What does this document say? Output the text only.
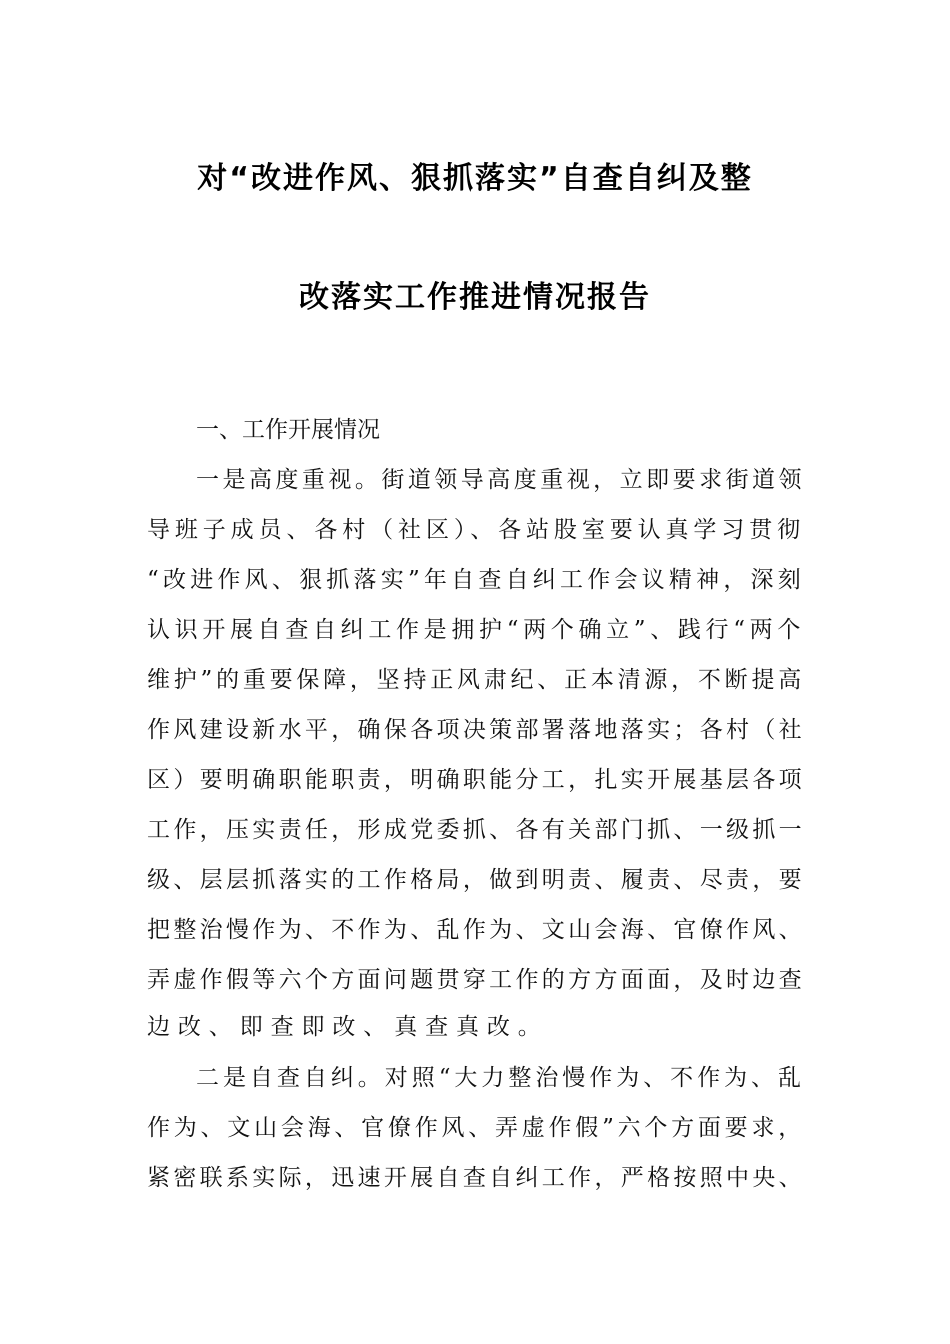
对“改进作风、狠抓落实”自查自纠及整
改落实工作推进情况报告
一、工作开展情况
一是高度重视。街道领导高度重视，立即要求街道领
导班子成员、各村（社区）、各站股室要认真学习贯彻
“改进作风、狠抓落实”年自查自纠工作会议精神，深刻
认识开展自查自纠工作是拥护“两个确立”、践行“两个
维护”的重要保障，坚持正风肃纪、正本清源，不断提高
作风建设新水平，确保各项决策部署落地落实；各村（社
区）要明确职能职责，明确职能分工，扎实开展基层各项
工作，压实责任，形成党委抓、各有关部门抓、一级抓一
级、层层抓落实的工作格局，做到明责、履责、尽责，要
把整治慢作为、不作为、乱作为、文山会海、官僚作风、
弄虚作假等六个方面问题贯穿工作的方方面面，及时边查
边改、即查即改、真查真改。
二是自查自纠。对照“大力整治慢作为、不作为、乱
作为、文山会海、官僚作风、弄虚作假”六个方面要求，
紧密联系实际，迅速开展自查自纠工作，严格按照中央、
